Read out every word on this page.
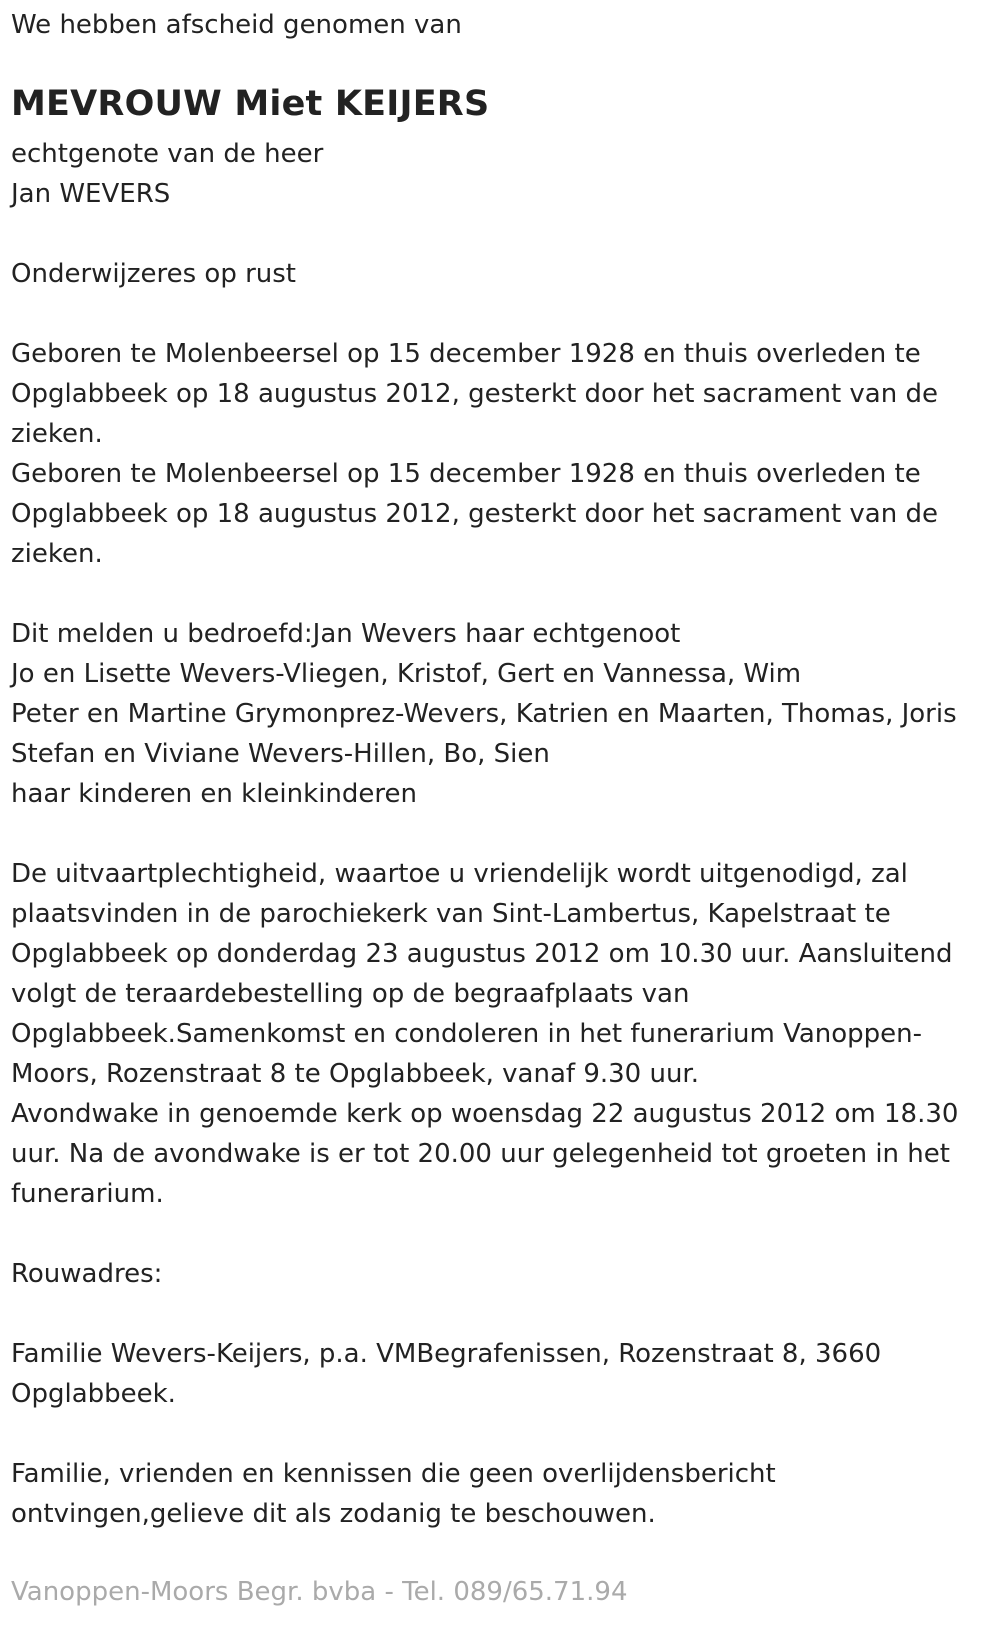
We hebben afscheid genomen van
MEVROUW Miet KEIJERS
echtgenote van de heer
Jan WEVERS
Onderwijzeres op rust
Geboren te Molenbeersel op 15 december 1928 en thuis overleden te
Opglabbeek op 18 augustus 2012, gesterkt door het sacrament van de
zieken.
Geboren te Molenbeersel op 15 december 1928 en thuis overleden te
Opglabbeek op 18 augustus 2012, gesterkt door het sacrament van de
zieken.
Dit melden u bedroefd:Jan Wevers haar echtgenoot
Jo en Lisette Wevers-Vliegen, Kristof, Gert en Vannessa, Wim
Peter en Martine Grymonprez-Wevers, Katrien en Maarten, Thomas, Joris
Stefan en Viviane Wevers-Hillen, Bo, Sien
haar kinderen en kleinkinderen
De uitvaartplechtigheid, waartoe u vriendelijk wordt uitgenodigd, zal
plaatsvinden in de parochiekerk van Sint-Lambertus, Kapelstraat te
Opglabbeek op donderdag 23 augustus 2012 om 10.30 uur. Aansluitend
volgt de teraardebestelling op de begraafplaats van
Opglabbeek.Samenkomst en condoleren in het funerarium Vanoppen-
Moors, Rozenstraat 8 te Opglabbeek, vanaf 9.30 uur.
Avondwake in genoemde kerk op woensdag 22 augustus 2012 om 18.30
uur. Na de avondwake is er tot 20.00 uur gelegenheid tot groeten in het
funerarium.
Rouwadres:
Familie Wevers-Keijers, p.a. VMBegrafenissen, Rozenstraat 8, 3660
Opglabbeek.
Familie, vrienden en kennissen die geen overlijdensbericht
ontvingen,gelieve dit als zodanig te beschouwen.
Vanoppen-Moors Begr. bvba - Tel. 089/65.71.94
